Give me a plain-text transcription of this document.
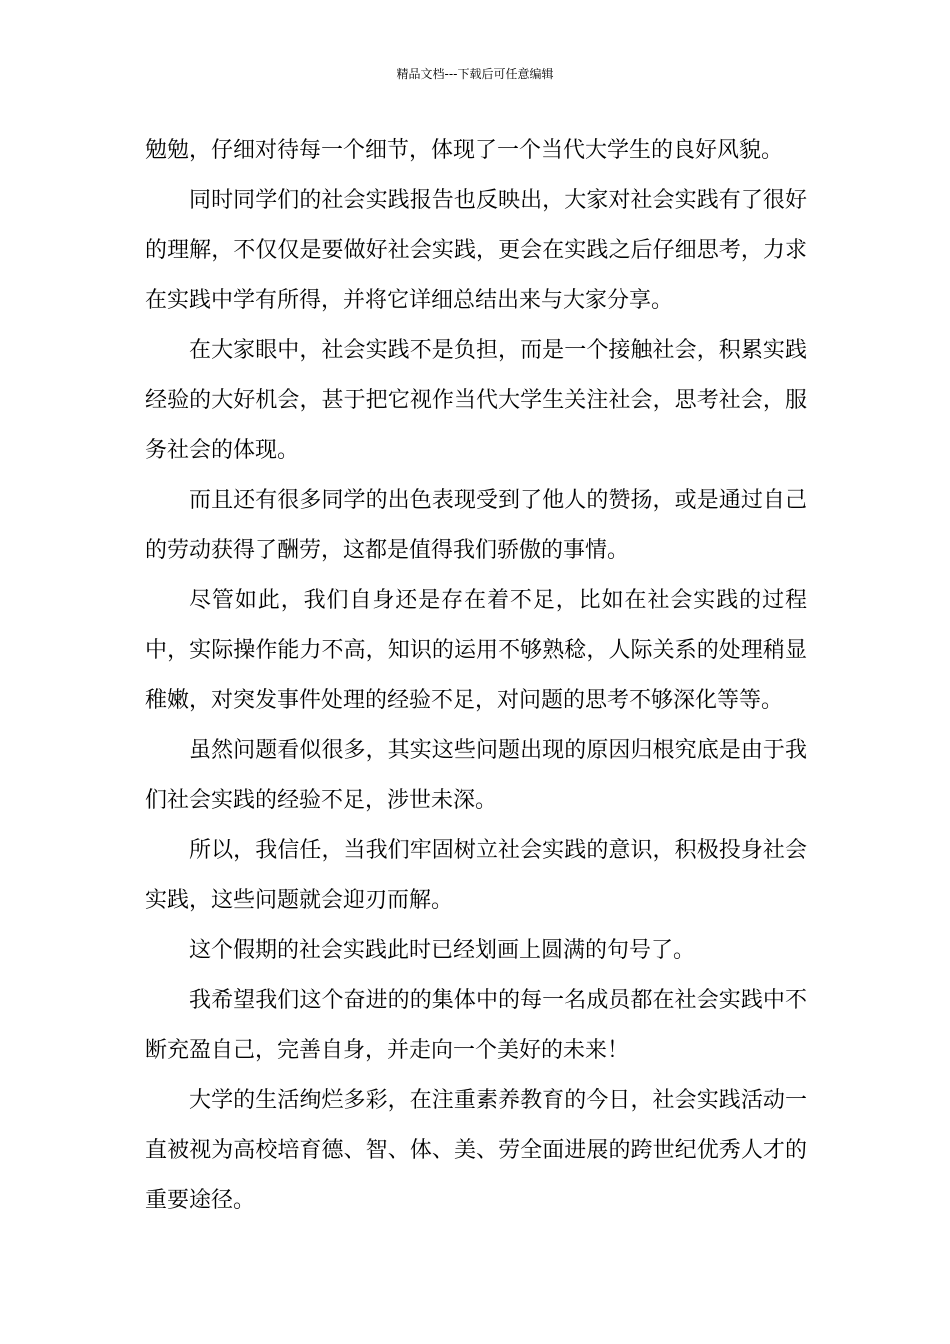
精品文档---下载后可任意编辑

勉勉，仔细对待每一个细节，体现了一个当代大学生的良好风貌。

同时同学们的社会实践报告也反映出，大家对社会实践有了很好的理解，不仅仅是要做好社会实践，更会在实践之后仔细思考，力求在实践中学有所得，并将它详细总结出来与大家分享。

在大家眼中，社会实践不是负担，而是一个接触社会，积累实践经验的大好机会，甚于把它视作当代大学生关注社会，思考社会，服务社会的体现。

而且还有很多同学的出色表现受到了他人的赞扬，或是通过自己的劳动获得了酬劳，这都是值得我们骄傲的事情。

尽管如此，我们自身还是存在着不足，比如在社会实践的过程中，实际操作能力不高，知识的运用不够熟稔，人际关系的处理稍显稚嫩，对突发事件处理的经验不足，对问题的思考不够深化等等。

虽然问题看似很多，其实这些问题出现的原因归根究底是由于我们社会实践的经验不足，涉世未深。

所以，我信任，当我们牢固树立社会实践的意识，积极投身社会实践，这些问题就会迎刃而解。

这个假期的社会实践此时已经划画上圆满的句号了。

我希望我们这个奋进的的集体中的每一名成员都在社会实践中不断充盈自己，完善自身，并走向一个美好的未来！

大学的生活绚烂多彩，在注重素养教育的今日，社会实践活动一直被视为高校培育德、智、体、美、劳全面进展的跨世纪优秀人才的重要途径。
